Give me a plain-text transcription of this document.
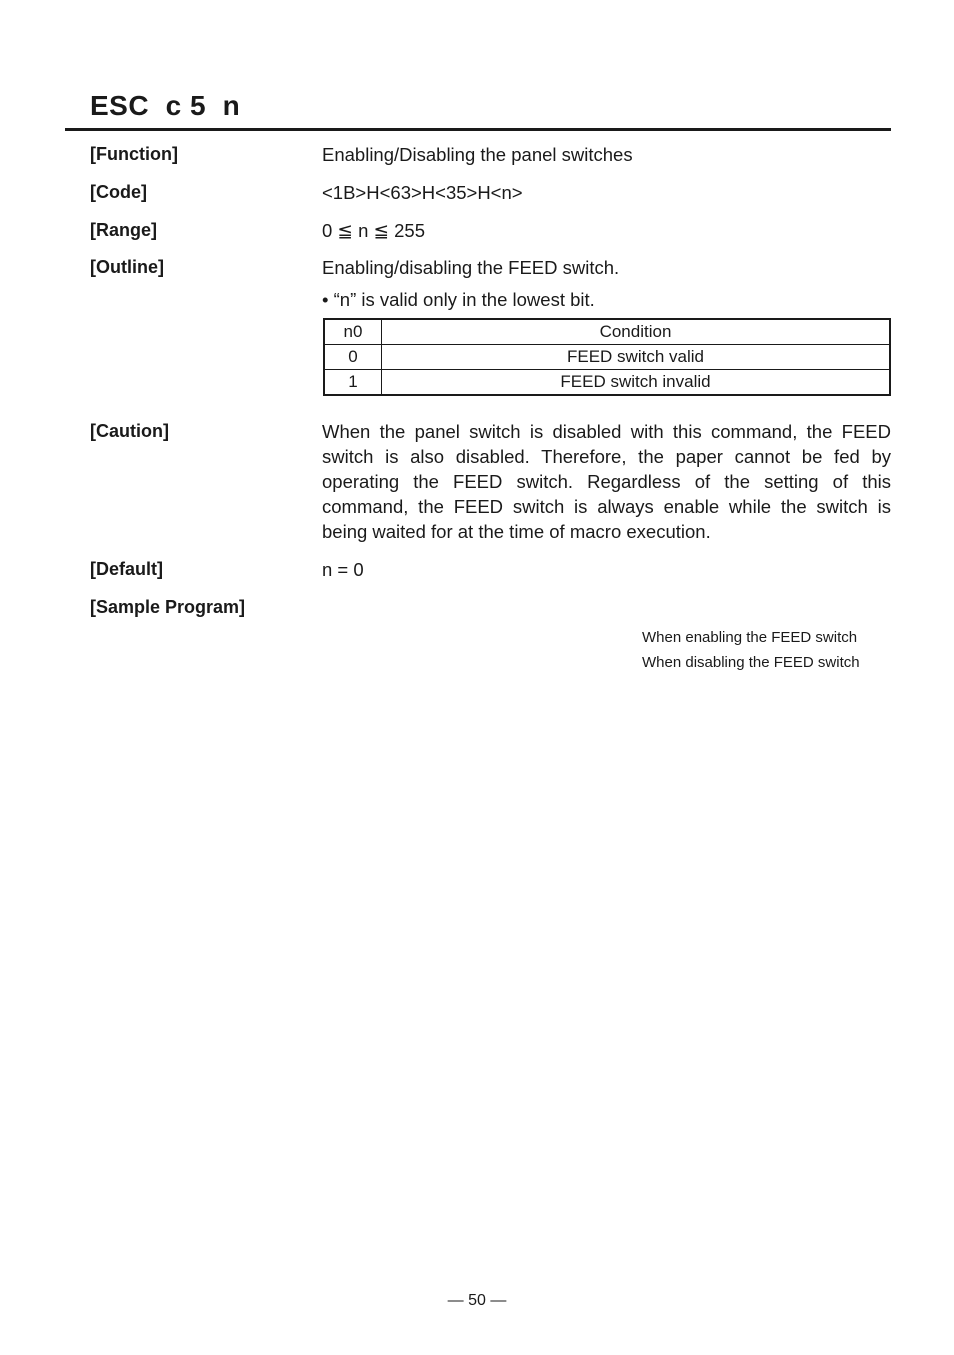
ESC  c 5  n
[Function]	Enabling/Disabling the panel switches
[Code]	<1B>H<63>H<35>H<n>
[Range]	0 ≦ n ≦ 255
[Outline]	Enabling/disabling the FEED switch.
• “n” is valid only in the lowest bit.
n0	Condition
0	FEED switch valid
1	FEED switch invalid
[Caution]	When the panel switch is disabled with this command, the FEED switch is also disabled. Therefore, the paper cannot be fed by operating the FEED switch. Regardless of the setting of this command, the FEED switch is always enable while the switch is being waited for at the time of macro execution.
[Default]	n = 0
[Sample Program]
When enabling the FEED switch
When disabling the FEED switch
— 50 —
